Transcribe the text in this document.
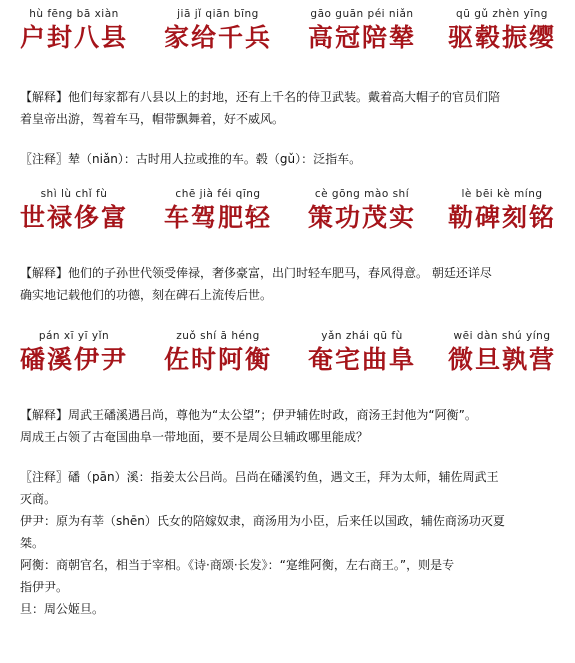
hù fēng bā xiàn
户封八县
jiā jǐ qiān bīng
家给千兵
gāo guān péi niǎn
高冠陪辇
qū gǔ zhèn yīng
驱毂振缨
【解释】他们每家都有八县以上的封地，还有上千名的侍卫武装。戴着高大帽子的官员们陪
着皇帝出游，驾着车马，帽带飘舞着，好不威风。
〖注释〗辇（niǎn）：古时用人拉或推的车。毂（gǔ）：泛指车。
shì lù chǐ fù
世禄侈富
chē jià féi qīng
车驾肥轻
cè gōng mào shí
策功茂实
lè bēi kè míng
勒碑刻铭
【解释】他们的子孙世代领受俸禄，奢侈豪富，出门时轻车肥马，春风得意。 朝廷还详尽
确实地记载他们的功德，刻在碑石上流传后世。
pán xī yī yǐn
磻溪伊尹
zuǒ shí ā héng
佐时阿衡
yǎn zhái qū fù
奄宅曲阜
wēi dàn shú yíng
微旦孰营
【解释】周武王磻溪遇吕尚，尊他为“太公望”；伊尹辅佐时政，商汤王封他为“阿衡”。
周成王占领了古奄国曲阜一带地面，要不是周公旦辅政哪里能成？
〖注释〗磻（pān）溪：指姜太公吕尚。吕尚在磻溪钓鱼，遇文王，拜为太师，辅佐周武王
灭商。
伊尹：原为有莘（shēn）氏女的陪嫁奴隶，商汤用为小臣，后来任以国政，辅佐商汤功灭夏
桀。
阿衡：商朝官名，相当于宰相。《诗·商颂·长发》：“寔维阿衡，左右商王。”，则是专
指伊尹。
旦：周公姬旦。
